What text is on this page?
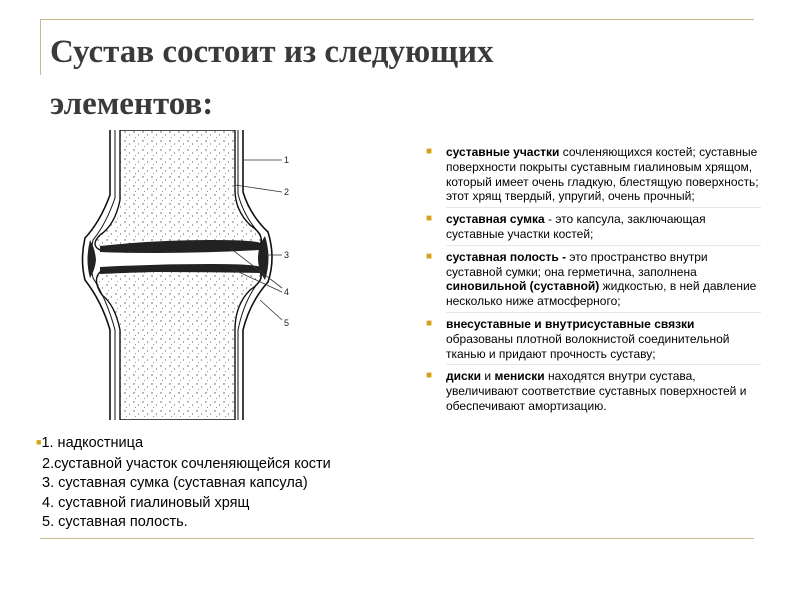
Сустав состоит из следующих элементов:
1
2
3
4
5
■1. надкостница
2.суставной участок сочленяющейся кости
3. суставная сумка (суставная капсула)
4. суставной гиалиновый хрящ
5. суставная полость.
■ суставные участки сочленяющихся костей; суставные поверхности покрыты суставным гиалиновым хрящом, который имеет очень гладкую, блестящую поверхность; этот хрящ твердый, упругий, очень прочный;
■ суставная сумка - это капсула, заключающая суставные участки костей;
■ суставная полость - это пространство внутри суставной сумки; она герметична, заполнена синовильной (суставной) жидкостью, в ней давление несколько ниже атмосферного;
■ внесуставные и внутрисуставные связки образованы плотной волокнистой соединительной тканью и придают прочность суставу;
■ диски и мениски находятся внутри сустава, увеличивают соответствие суставных поверхностей и обеспечивают амортизацию.
